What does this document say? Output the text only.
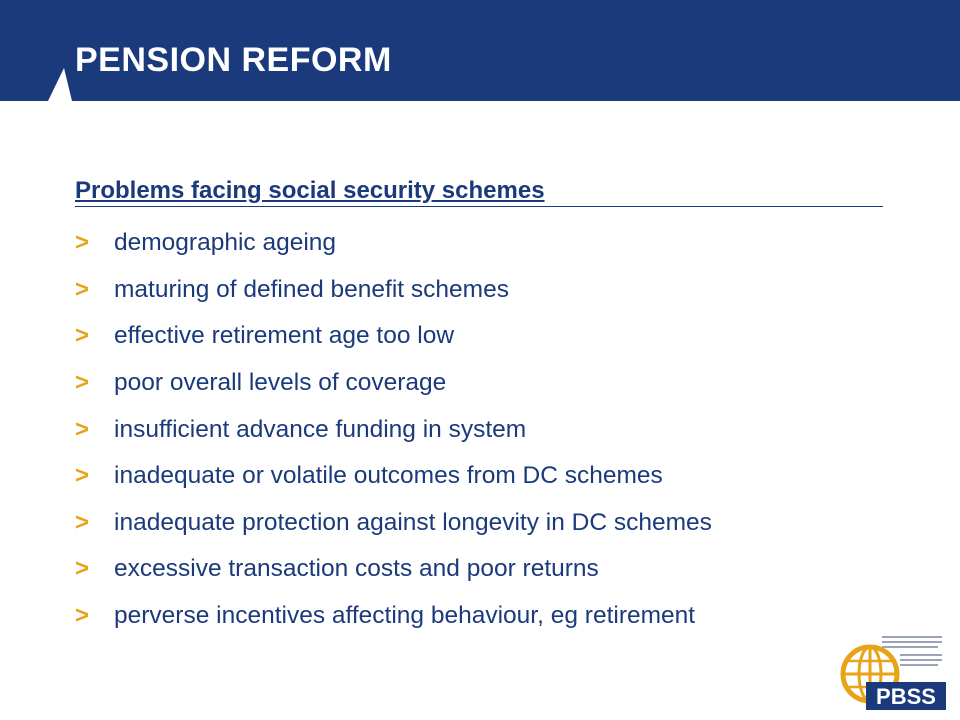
PENSION REFORM
Problems facing social security schemes
>	demographic ageing
>	maturing of defined benefit schemes
>	effective retirement age too low
>	poor overall levels of coverage
>	insufficient advance funding in system
>	inadequate or volatile outcomes from DC schemes
>	inadequate protection against longevity in DC schemes
>	excessive transaction costs and poor returns
>	perverse incentives affecting behaviour, eg retirement
PBSS
